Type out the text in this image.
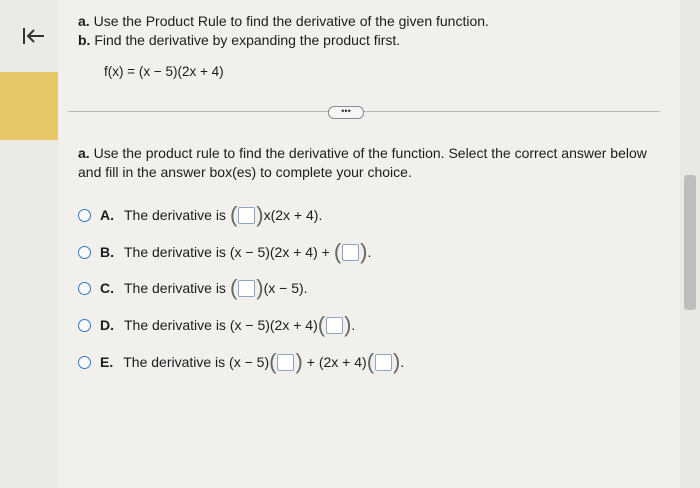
a. Use the Product Rule to find the derivative of the given function.
b. Find the derivative by expanding the product first.
f(x) = (x − 5)(2x + 4)
•••
a. Use the product rule to find the derivative of the function. Select the correct answer below and fill in the answer box(es) to complete your choice.
A. The derivative is ( ) x(2x + 4).
B. The derivative is (x − 5)(2x + 4) + ( ) .
C. The derivative is ( ) (x − 5).
D. The derivative is (x − 5)(2x + 4) ( ) .
E. The derivative is (x − 5) ( ) + (2x + 4) ( ) .
